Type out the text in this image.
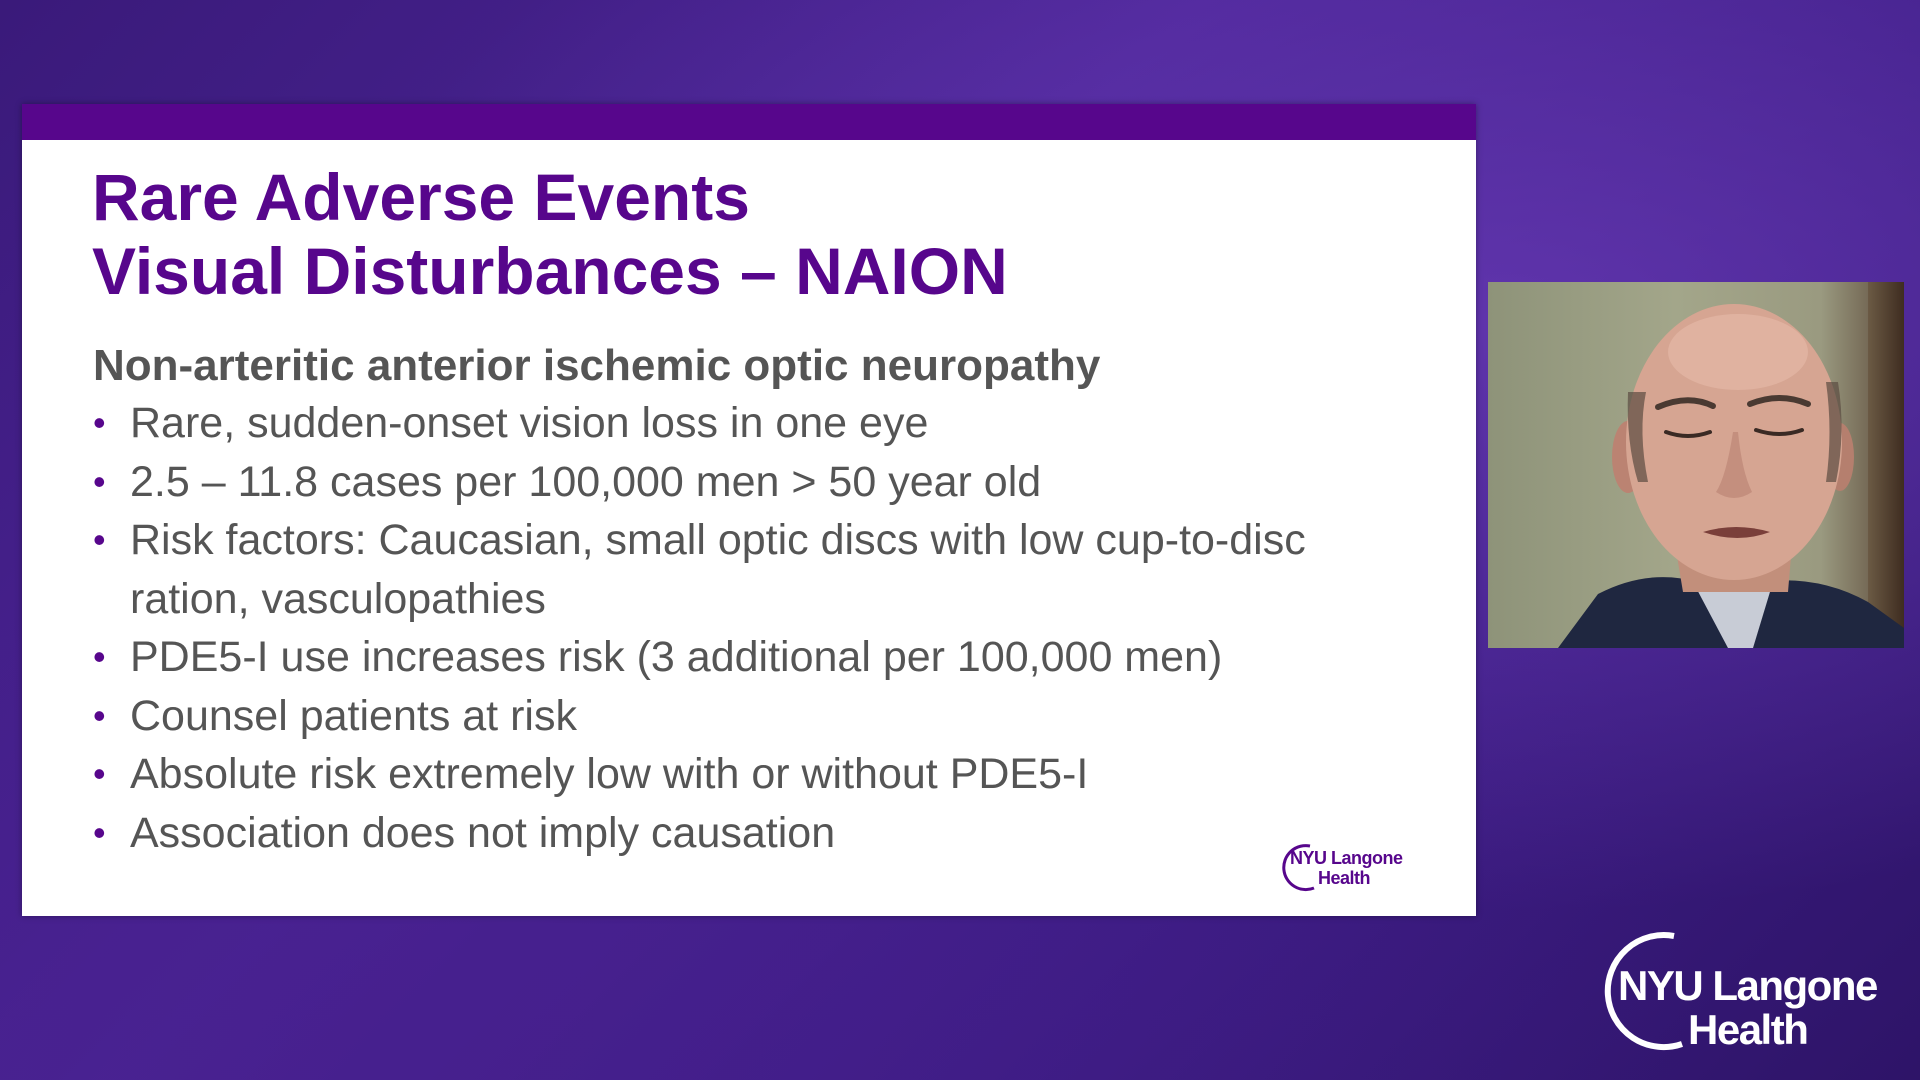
Rare Adverse Events
Visual Disturbances – NAION
Non-arteritic anterior ischemic optic neuropathy
• Rare, sudden-onset vision loss in one eye
• 2.5 – 11.8 cases per 100,000 men > 50 year old
• Risk factors: Caucasian, small optic discs with low cup-to-disc ration, vasculopathies
• PDE5-I use increases risk (3 additional per 100,000 men)
• Counsel patients at risk
• Absolute risk extremely low with or without PDE5-I
• Association does not imply causation
NYU Langone
Health
NYU Langone
Health
